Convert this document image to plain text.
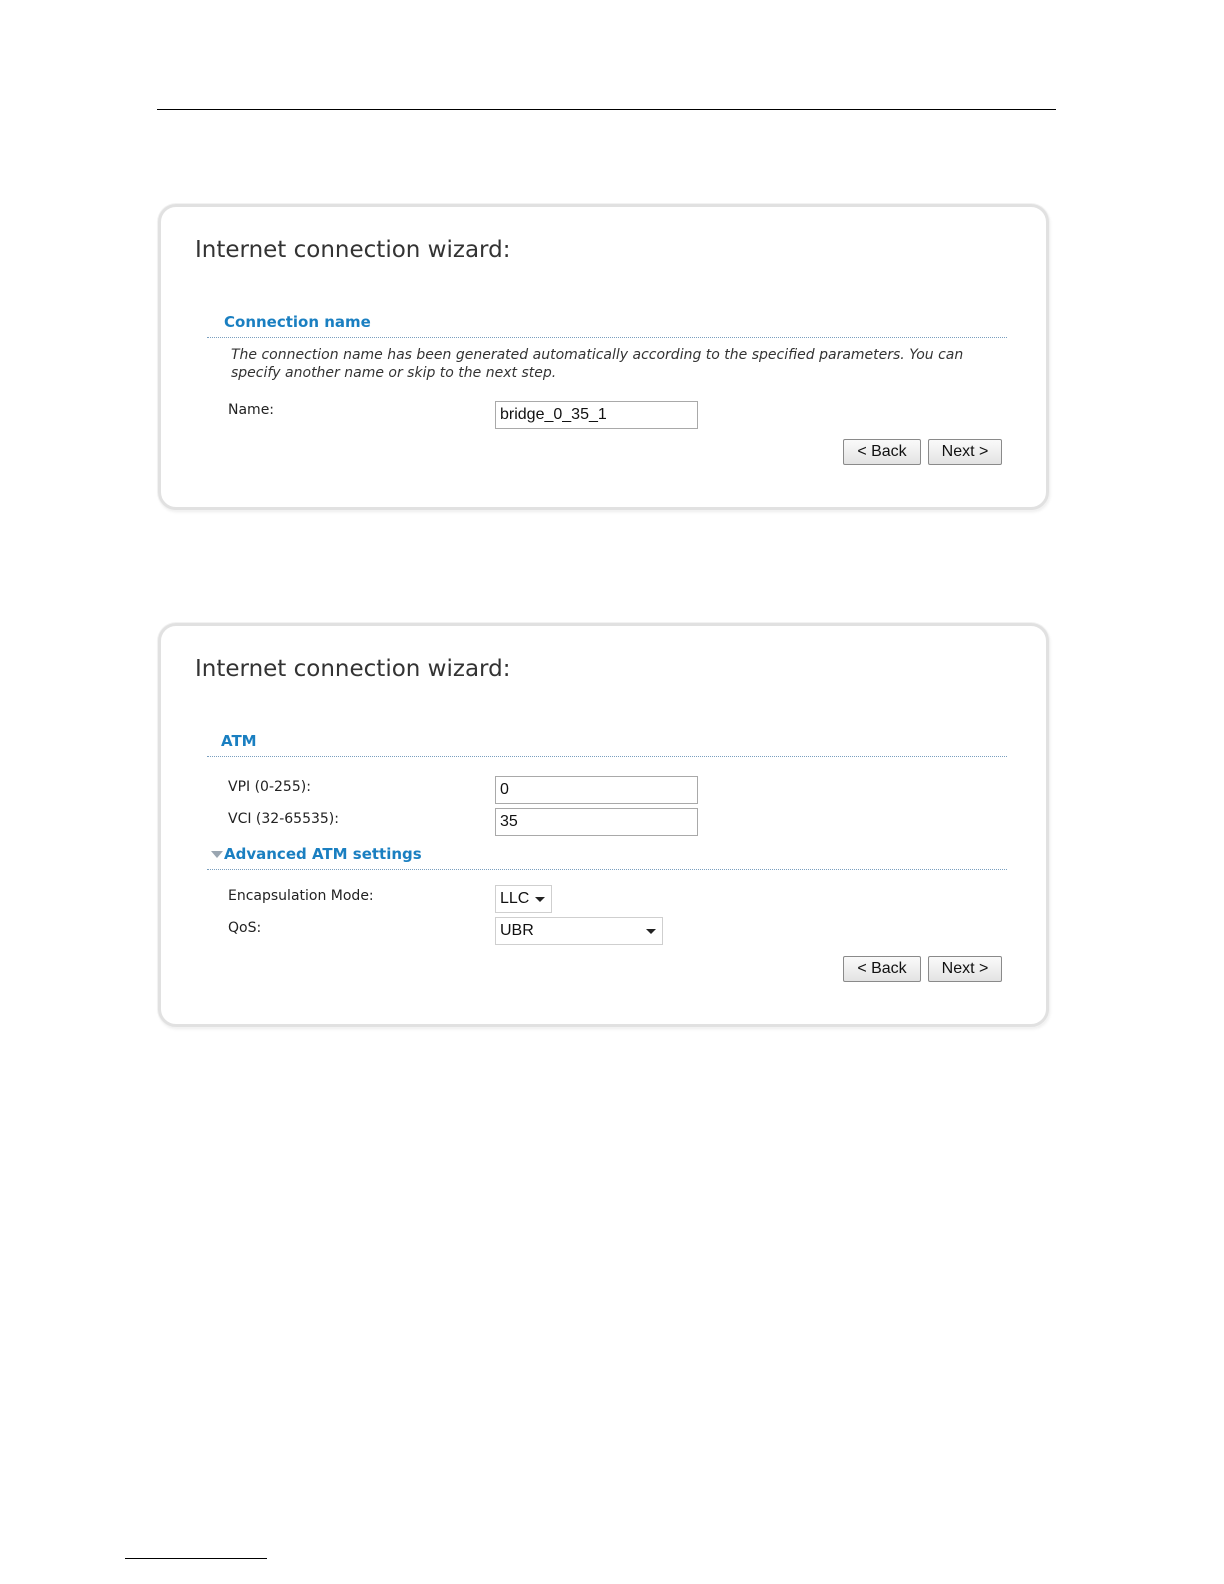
Internet connection wizard:
Connection name
The connection name has been generated automatically according to the specified parameters. You can specify another name or skip to the next step.
Name:	bridge_0_35_1
< Back	Next >
Internet connection wizard:
ATM
VPI (0-255):	0
VCI (32-65535):	35
Advanced ATM settings
Encapsulation Mode:	LLC
QoS:	UBR
< Back	Next >
